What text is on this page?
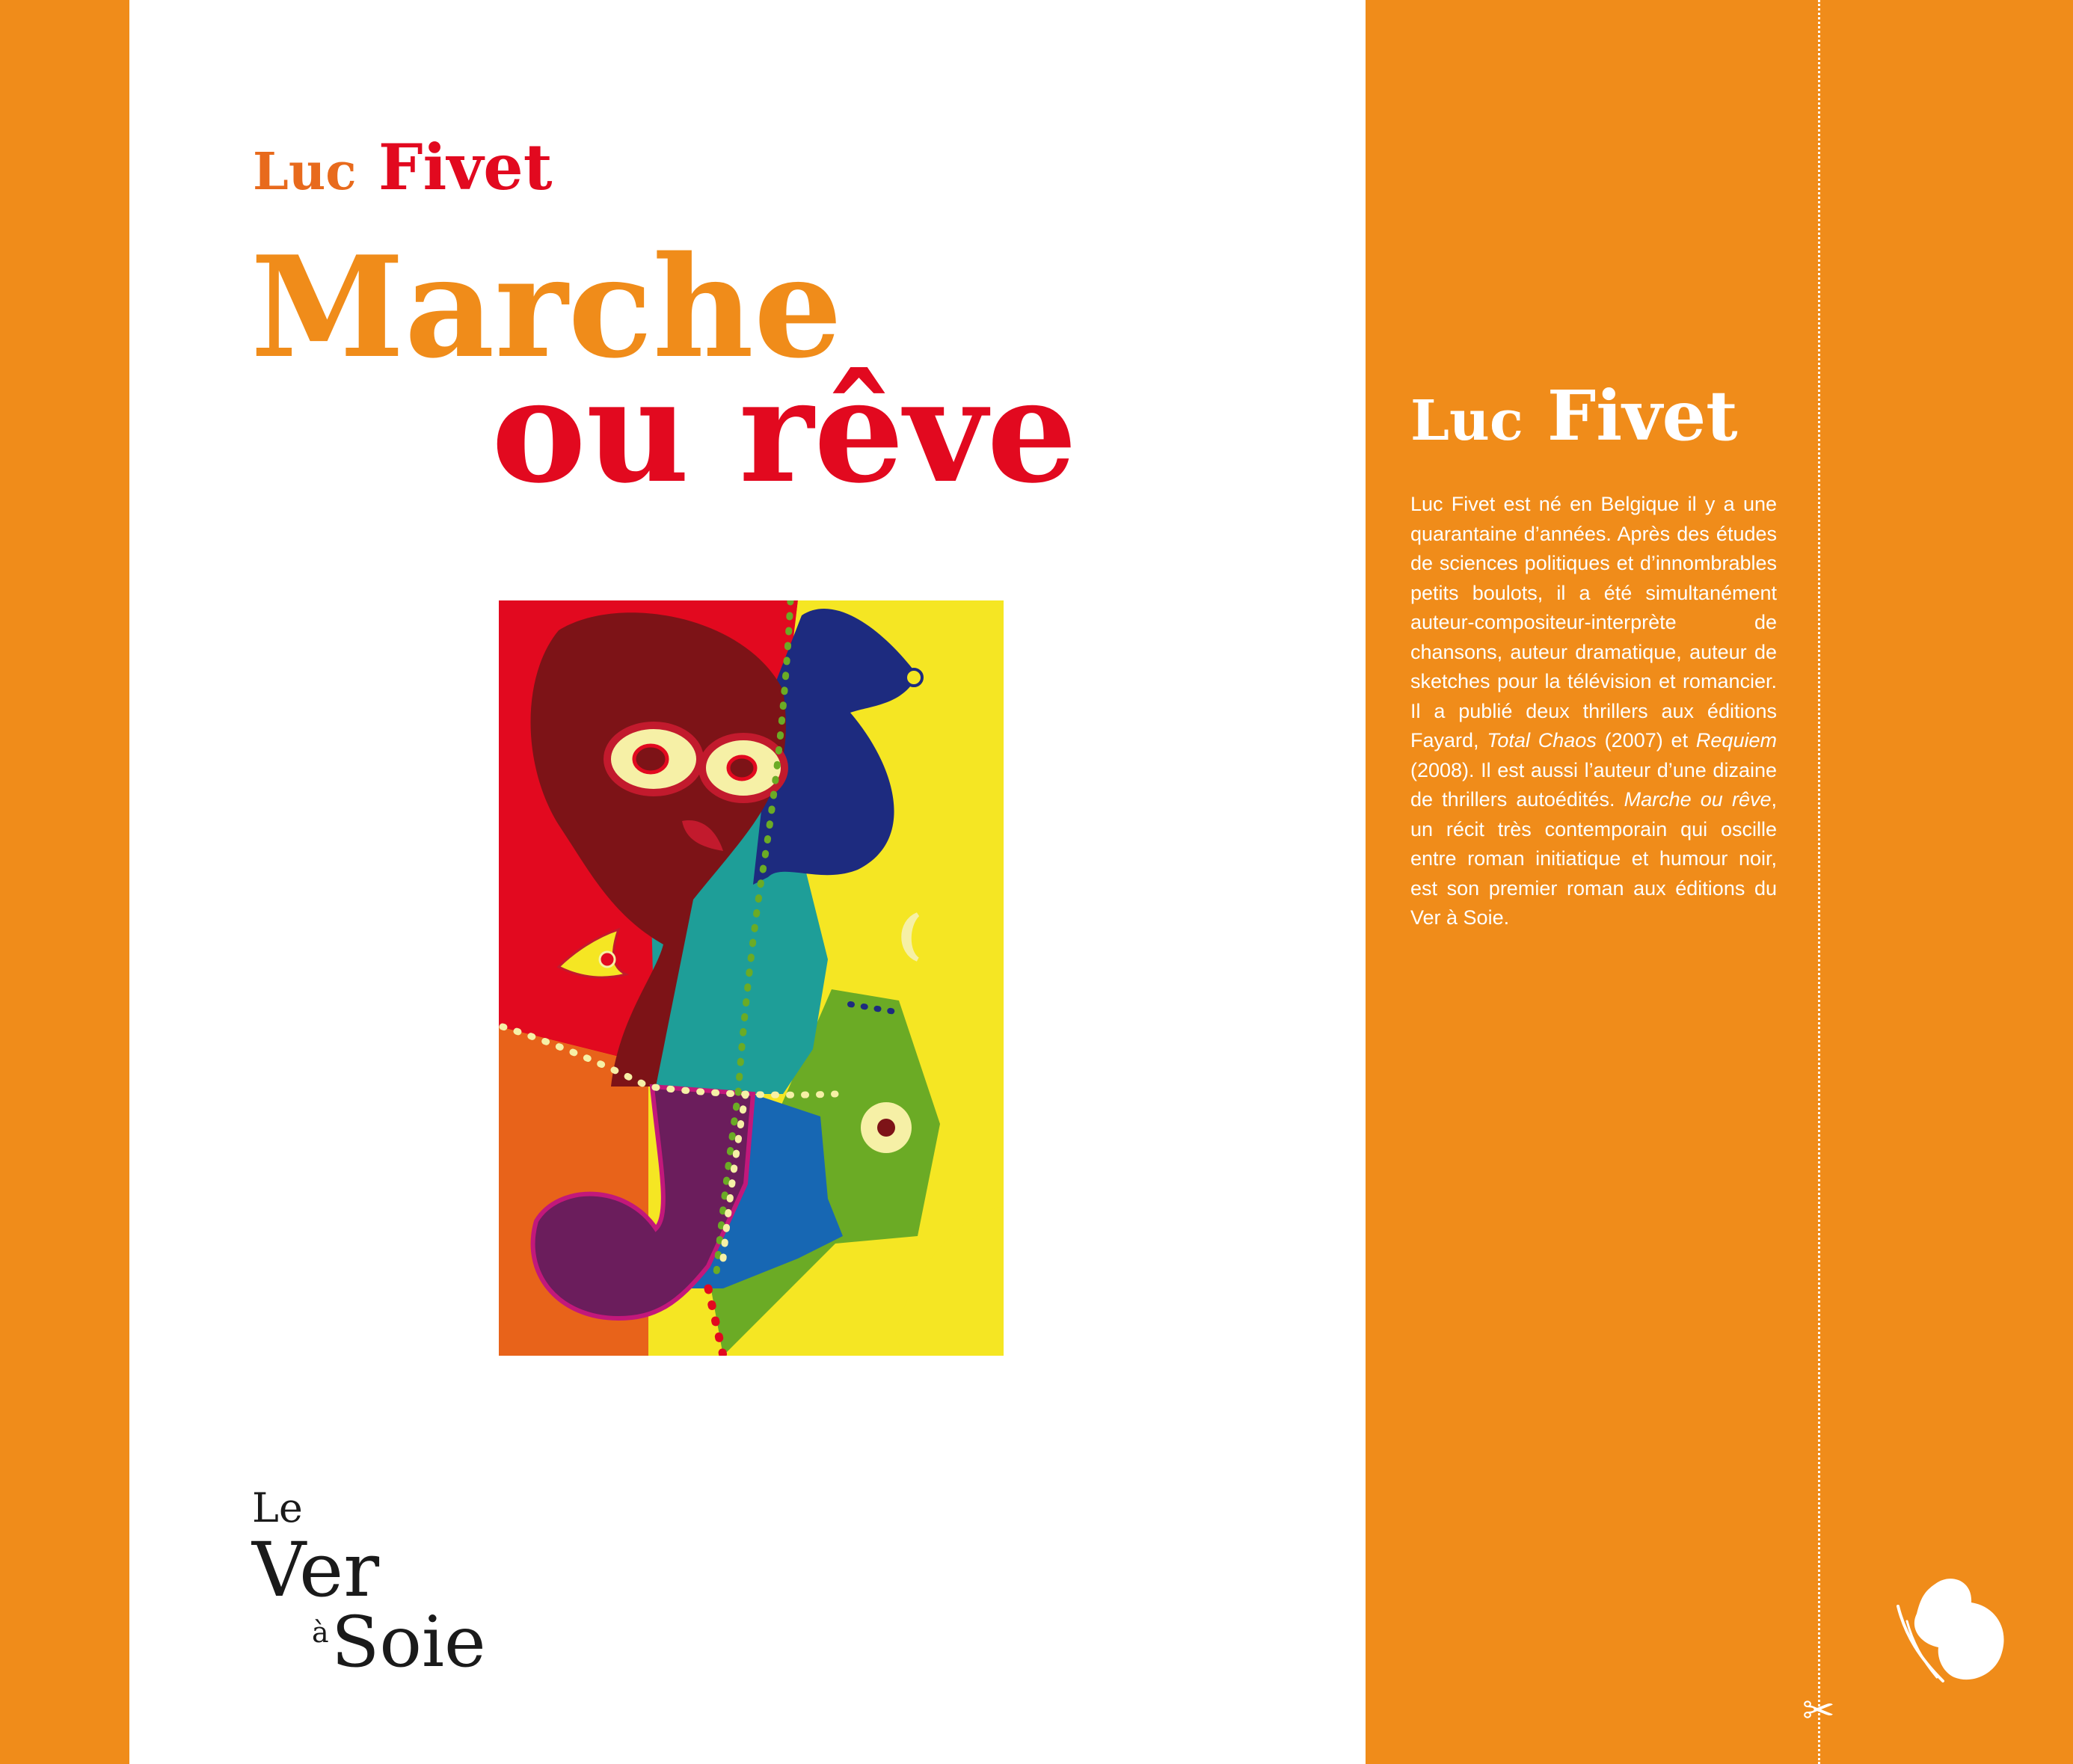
Luc Fivet
Marche
ou rêve
Le
Ver
à Soie
Luc Fivet

Luc Fivet est né en Belgique il y a une quarantaine d’années. Après des études de sciences politiques et d’innombrables petits boulots, il a été simultanément auteur-compositeur-interprète de chansons, auteur dramatique, auteur de sketches pour la télévision et romancier. Il a publié deux thrillers aux éditions Fayard, Total Chaos (2007) et Requiem (2008). Il est aussi l’auteur d’une dizaine de thrillers autoédités. Marche ou rêve, un récit très contemporain qui oscille entre roman initiatique et humour noir, est son premier roman aux éditions du Ver à Soie.

✂
